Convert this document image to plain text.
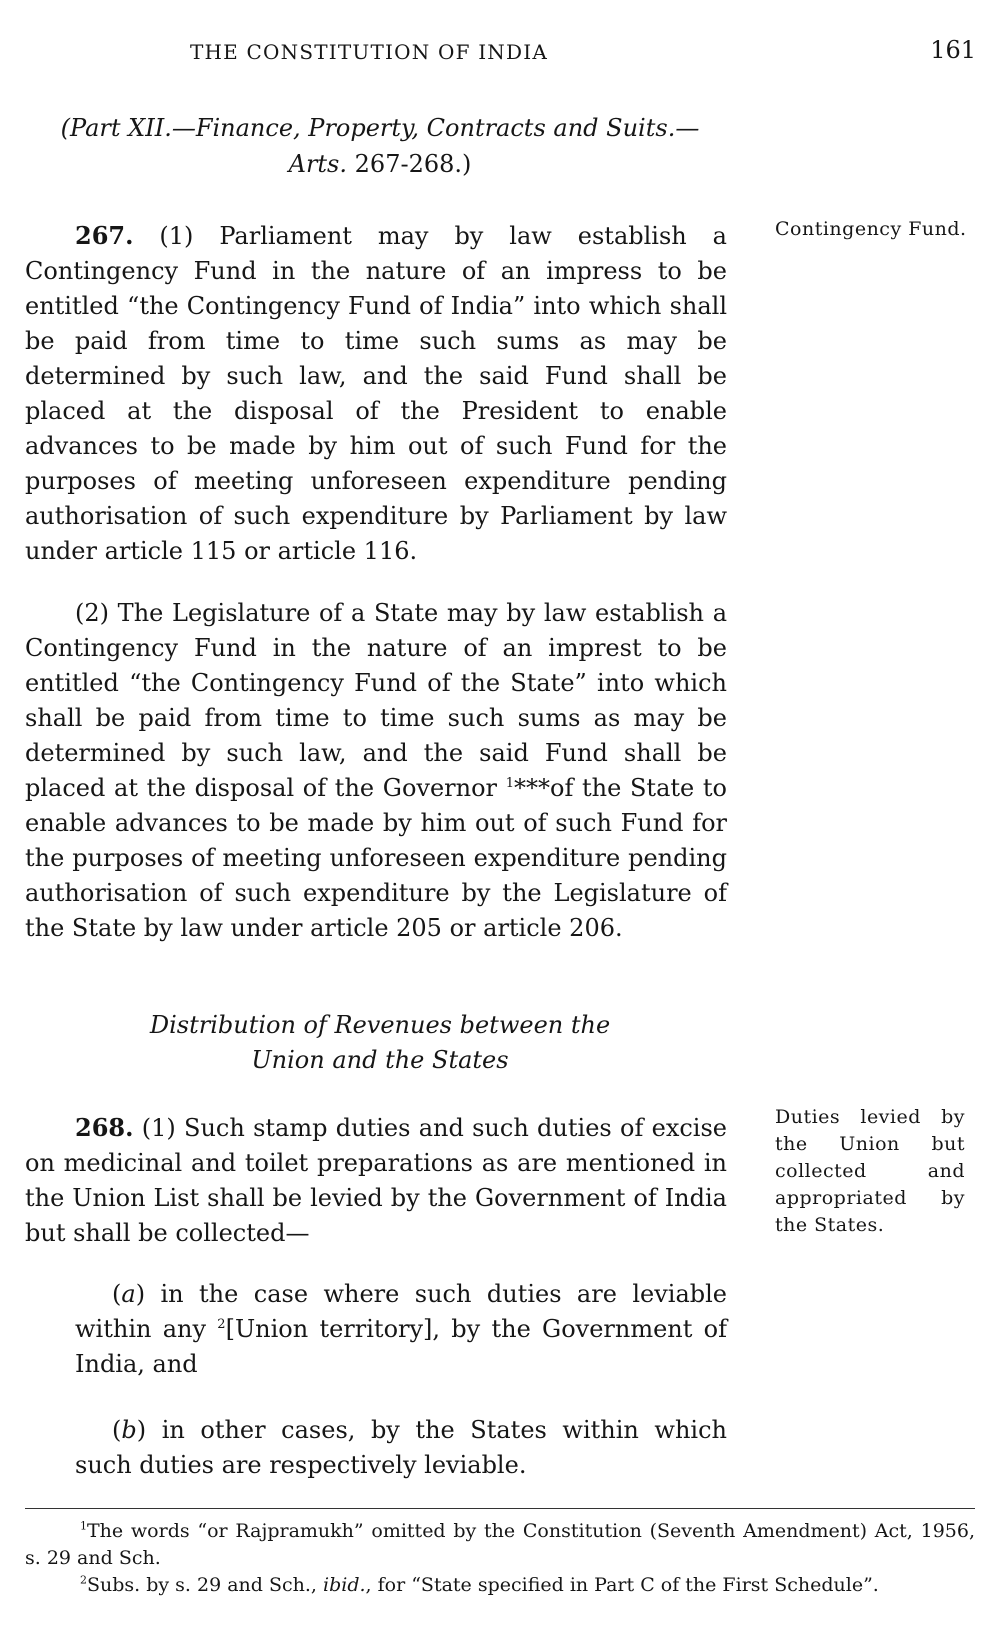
THE CONSTITUTION OF INDIA	161
(Part XII.—Finance, Property, Contracts and Suits.—
Arts. 267-268.)

267. (1) Parliament may by law establish a Contingency Fund in the nature of an impress to be entitled “the Contingency Fund of India” into which shall be paid from time to time such sums as may be determined by such law, and the said Fund shall be placed at the disposal of the President to enable advances to be made by him out of such Fund for the purposes of meeting unforeseen expenditure pending authorisation of such expenditure by Parliament by law under article 115 or article 116.

(2) The Legislature of a State may by law establish a Contingency Fund in the nature of an imprest to be entitled “the Contingency Fund of the State” into which shall be paid from time to time such sums as may be determined by such law, and the said Fund shall be placed at the disposal of the Governor $^1$***of the State to enable advances to be made by him out of such Fund for the purposes of meeting unforeseen expenditure pending authorisation of such expenditure by the Legislature of the State by law under article 205 or article 206.

Contingency Fund.
Distribution of Revenues between the
Union and the States

268. (1) Such stamp duties and such duties of excise on medicinal and toilet preparations as are mentioned in the Union List shall be levied by the Government of India but shall be collected—

(a) in the case where such duties are leviable within any $^2$[Union territory], by the Government of India, and

(b) in other cases, by the States within which such duties are respectively leviable.

Duties levied by the Union but collected and appropriated by the States.

$^1$The words “or Rajpramukh” omitted by the Constitution (Seventh Amendment) Act, 1956, s. 29 and Sch.

$^2$Subs. by s. 29 and Sch., ibid., for “State specified in Part C of the First Schedule”.
